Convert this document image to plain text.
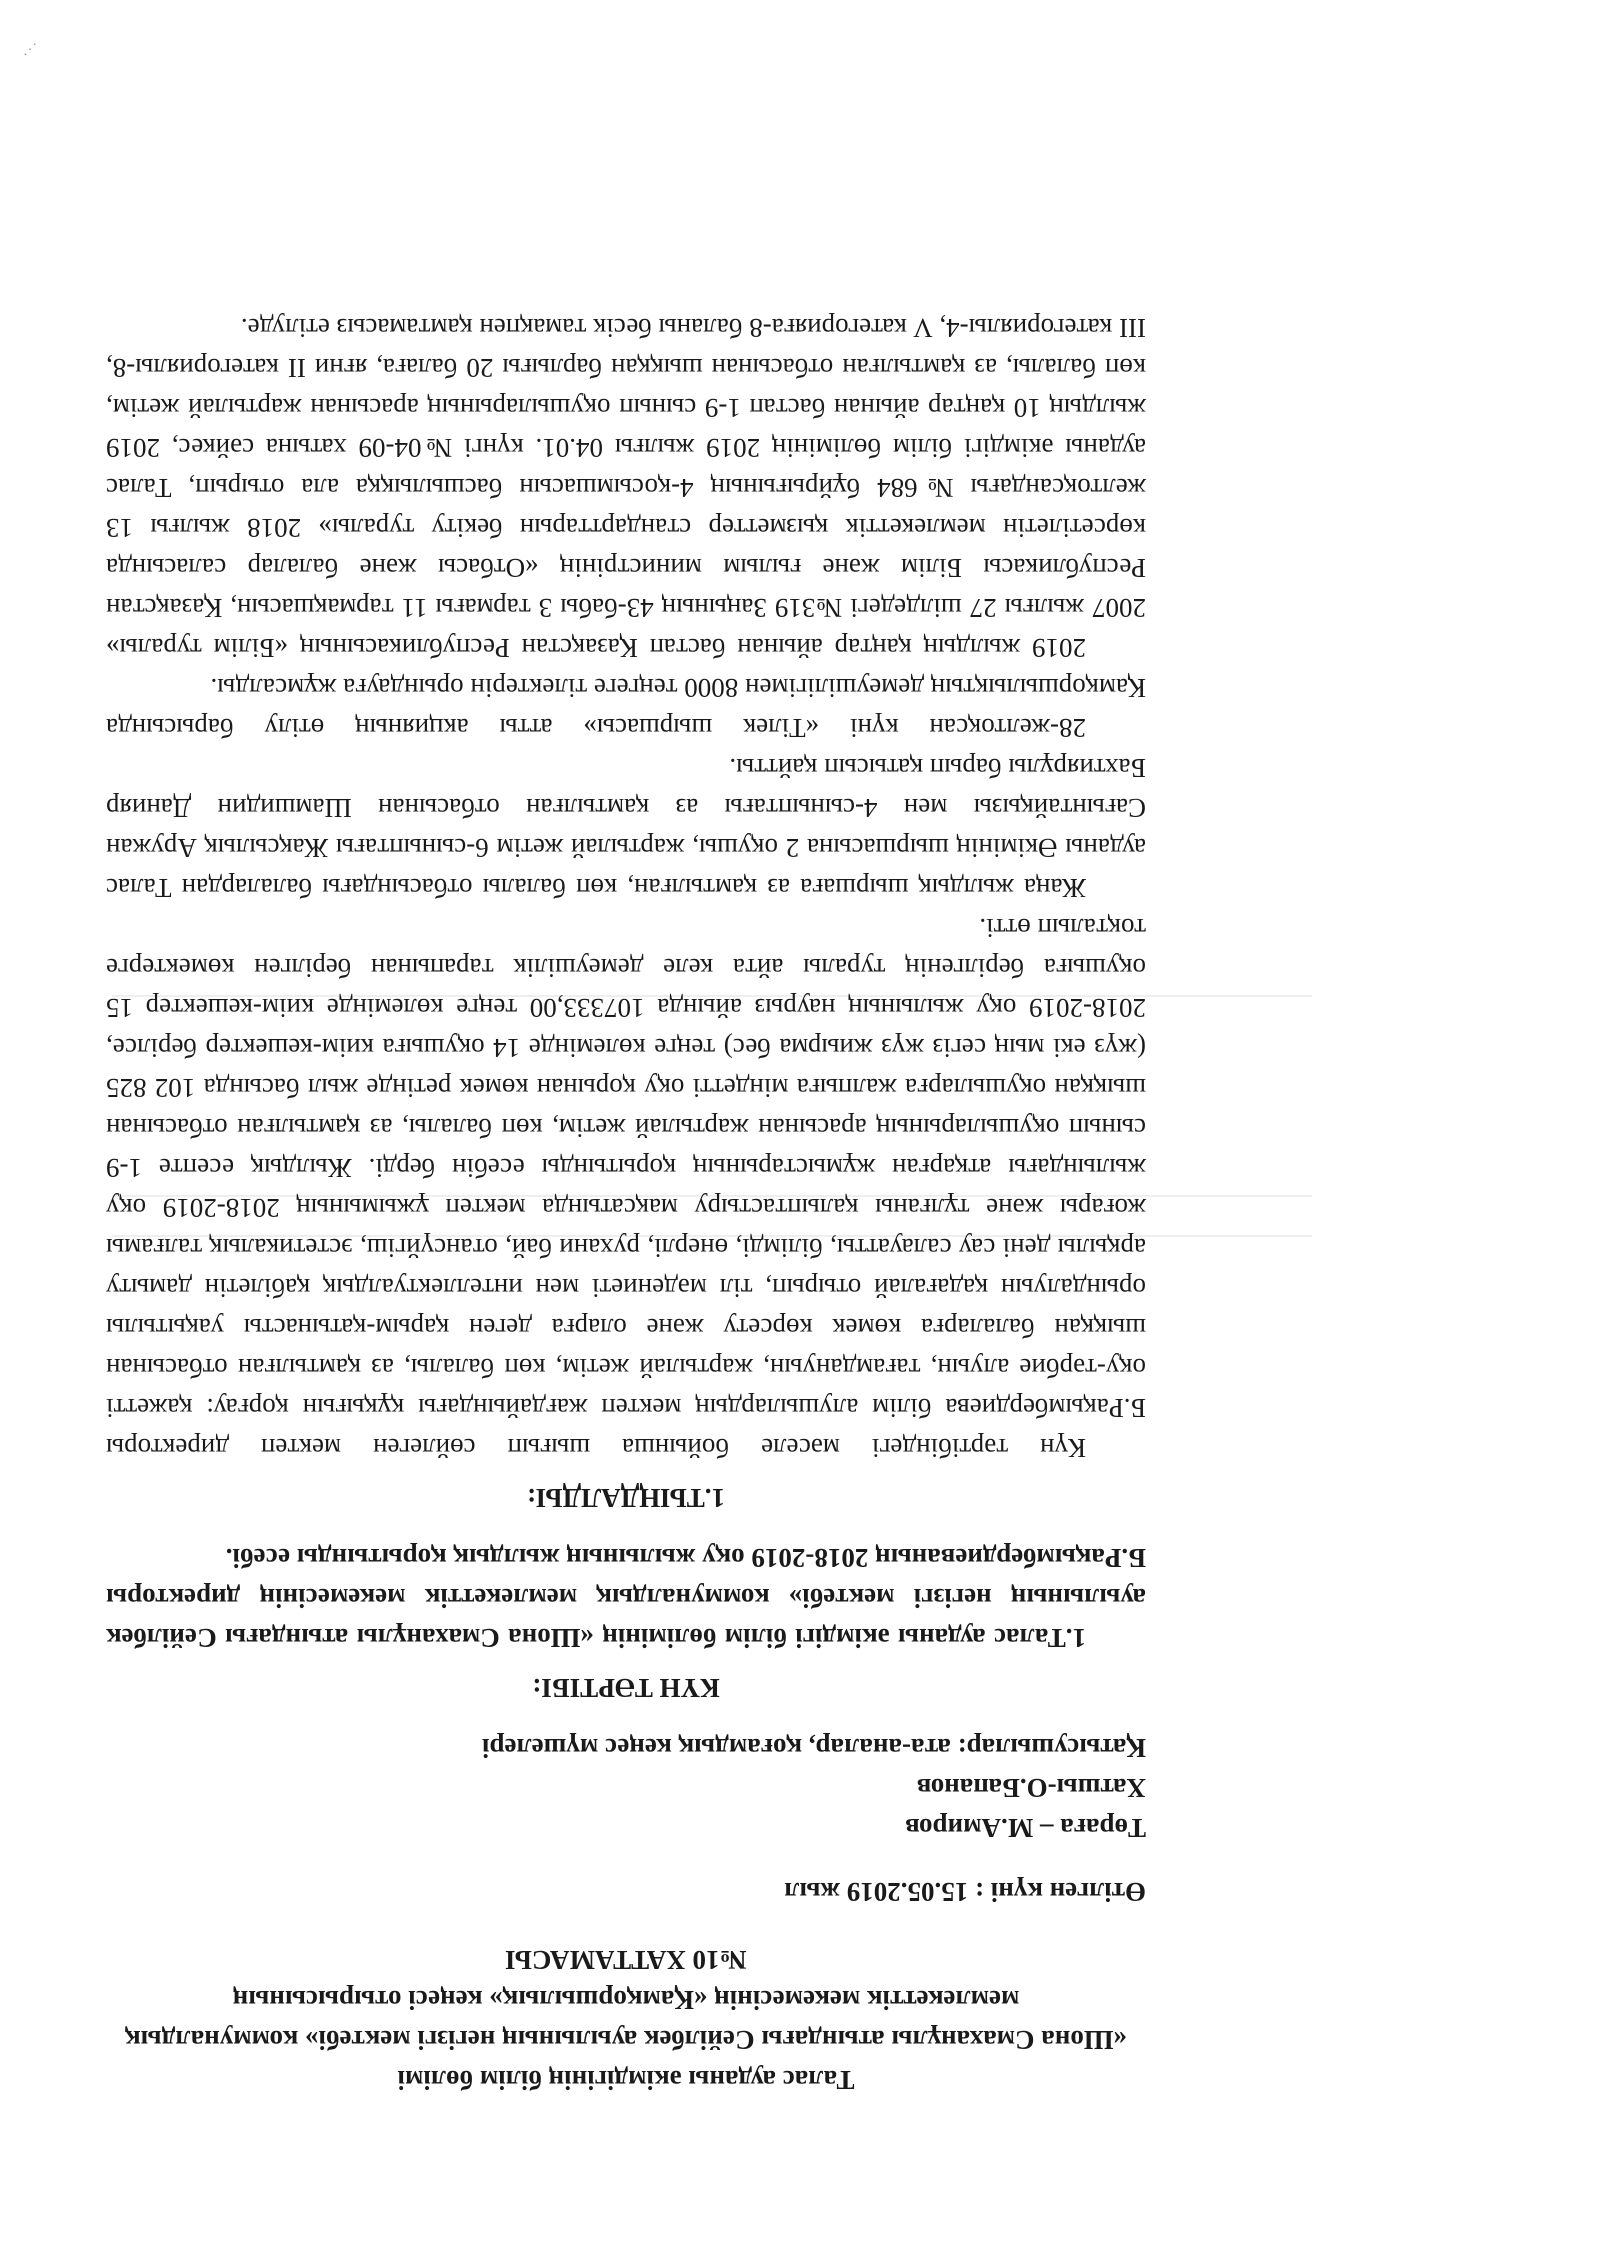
Талас ауданы әкімдігінің білім бөлімі
«Шона Смаханұлы атындағы Сейілбек ауылының негізгі мектебі» коммуналдық
мемлекеттік мекемесінің «Қамқоршылық» кеңесі отырысының
№10 ХАТТАМАСЫ
Өтілген күні : 15.05.2019 жыл
Төрағa – М.Амиров
Хатшы-О.Бапанов
Қатысушылар: ата-аналар, қоғамдық кеңес мүшелері
КҮН ТӘРТІБІ:
1.Талас ауданы әкімдігі білім бөлімінің «Шона Смаханұлы атындағы Сейілбек ауылының негізгі мектебі» коммуналдық мемлекеттік мекемесінің директоры Б.Рақымбердиеваның 2018-2019 оқу жылының жылдық қорытынды есебі.
1.ТЫҢДАЛДЫ:

Күн тәртібіндегі мәселе бойынша шығып сөйлеген мектеп директоры Б.Рақымбердиева білім алушылардың мектеп жағдайындағы құқығын қорғау: қажетті оқу-тәрбие алуын, тағамдануын, жартылай жетім, көп балалы, аз қамтылған отбасынан шыққан балаларға көмек көрсету және оларға деген қарым-қатынасты уақытылы орындалуын қадағалай отырып, тіл мәдениеті мен интеллектуалдық қабілетін дамыту арқылы дені сау салауатты, білімді, өнерлі, рухани бай, отансүйгіш, эстетикалық талғамы жоғары және тұлғаны қалыптастыру мақсатында мектеп ұжымының 2018-2019 оқу жылындағы атқарған жұмыстарының қорытынды есебін берді. Жылдық есепте 1-9 сынып оқушыларының арасынан жартылай жетім, көп балалы, аз қамтылған отбасынан шыққан оқушыларға жалпыға міндетті оқу қорынан көмек ретінде жыл басында 102 825 (жүз екі мың сегіз жүз жиырма бес) теңге көлемінде 14 оқушыға киім-кешектер берілсе, 2018-2019 оқу жылының наурыз айында 107333,00 теңге көлемінде киім-кешектер 15 оқушыға берілгенің туралы айта келе демеушілік тарапынан берілген көмектерге тоқталып өтті.

Жаңа жылдық шыршаға аз қамтылған, көп балалы отбасындағы балалардан Талас ауданы Әкімінің шыршасына 2 оқушы, жартылай жетім 6-сыныптағы Жақсылық Аружан Сағынтайқызы мен 4-сыныптағы аз қамтылған отбасынан Шамшидин Данияр Бахтиярұлы барып қатысып қайтты.

28-желтоқсан күні «Тілек шыршасы» атты акцияның өтілу барысында Қамқоршылықтың демеушілігімен 8000 теңгеге тілектерін орындауға жұмсалды.

2019 жылдың қаңтар айынан бастап Қазақстан Республикасының «Білім туралы» 2007 жылғы 27 шілдедегі №319 Заңының 43-бабы 3 тармағы 11 тармақшасын, Қазақстан Республикасы Білім және ғылым министрінің «Отбасы және балалар саласында көрсетілетін мемлекеттік қызметтер стандарттарын бекіту туралы» 2018 жылғы 13 желтоқсандағы №684 бұйрығының 4-қосымшасын басшылыққа ала отырып, Талас ауданы әкімдігі білім бөлімінің 2019 жылғы 04.01. күнгі №04-09 хатына сәйкес, 2019 жылдың 10 қаңтар айынан бастап 1-9 сынып оқушыларының арасынан жартылай жетім, көп балалы, аз қамтылған отбасынан шыққан барлығы 20 балаға, яғни II категориялы-8, III категориялы-4, V категорияға-8 баланы бесік тамақпен қамтамасыз етілуде.

⋰
